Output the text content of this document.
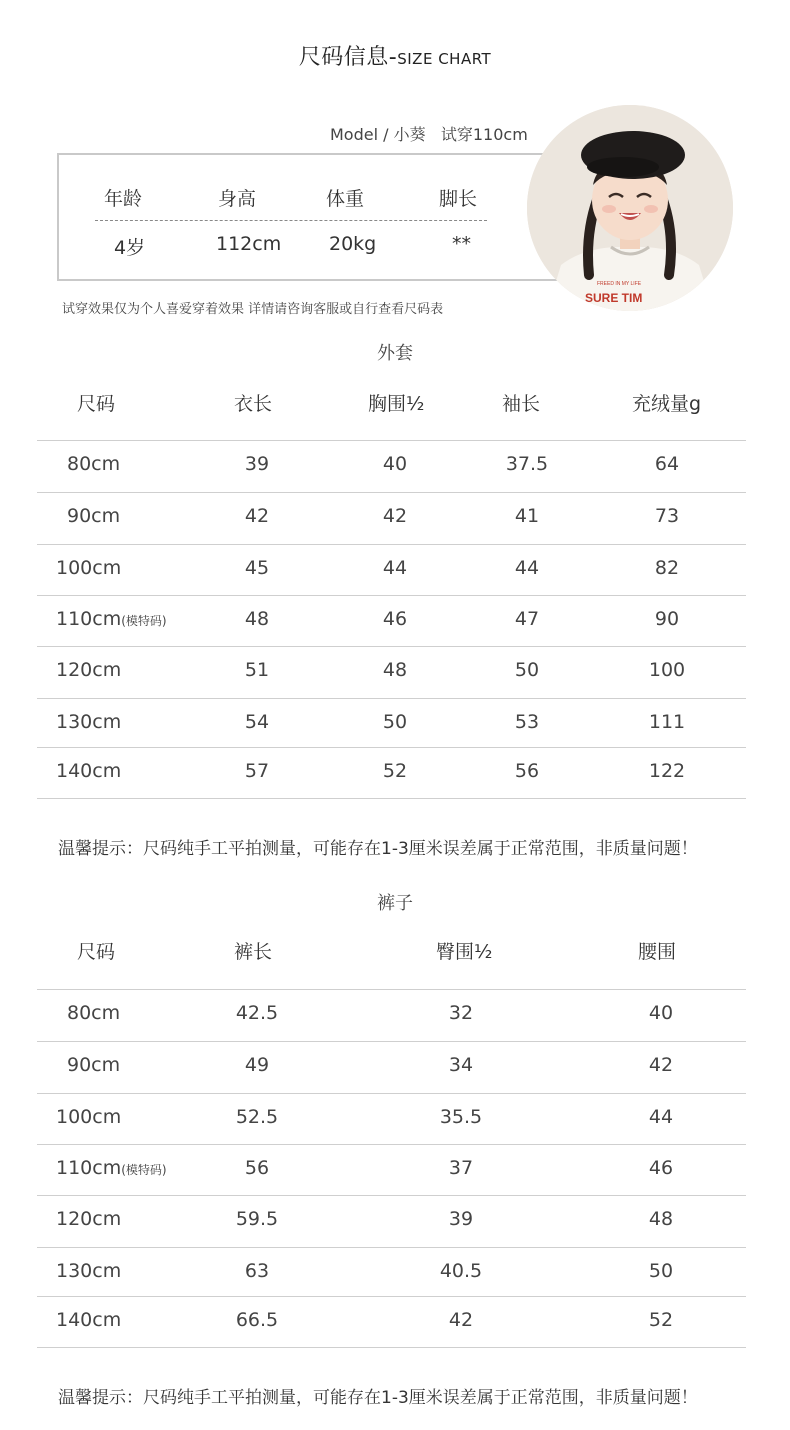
尺码信息-SIZE CHART
Model / 小葵   试穿110cm
年龄	身高	体重	脚长
4岁	112cm	20kg	**
SURE TIM
FREED IN MY LIFE
试穿效果仅为个人喜爱穿着效果 详情请咨询客服或自行查看尺码表
外套
尺码	衣长	胸围½	袖长	充绒量g
80cm	39	40	37.5	64
90cm	42	42	41	73
100cm	45	44	44	82
110cm(模特码)	48	46	47	90
120cm	51	48	50	100
130cm	54	50	53	111
140cm	57	52	56	122
温馨提示：尺码纯手工平拍测量，可能存在1-3厘米误差属于正常范围，非质量问题！
裤子
尺码	裤长	臀围½	腰围
80cm	42.5	32	40
90cm	49	34	42
100cm	52.5	35.5	44
110cm(模特码)	56	37	46
120cm	59.5	39	48
130cm	63	40.5	50
140cm	66.5	42	52
温馨提示：尺码纯手工平拍测量，可能存在1-3厘米误差属于正常范围，非质量问题！
